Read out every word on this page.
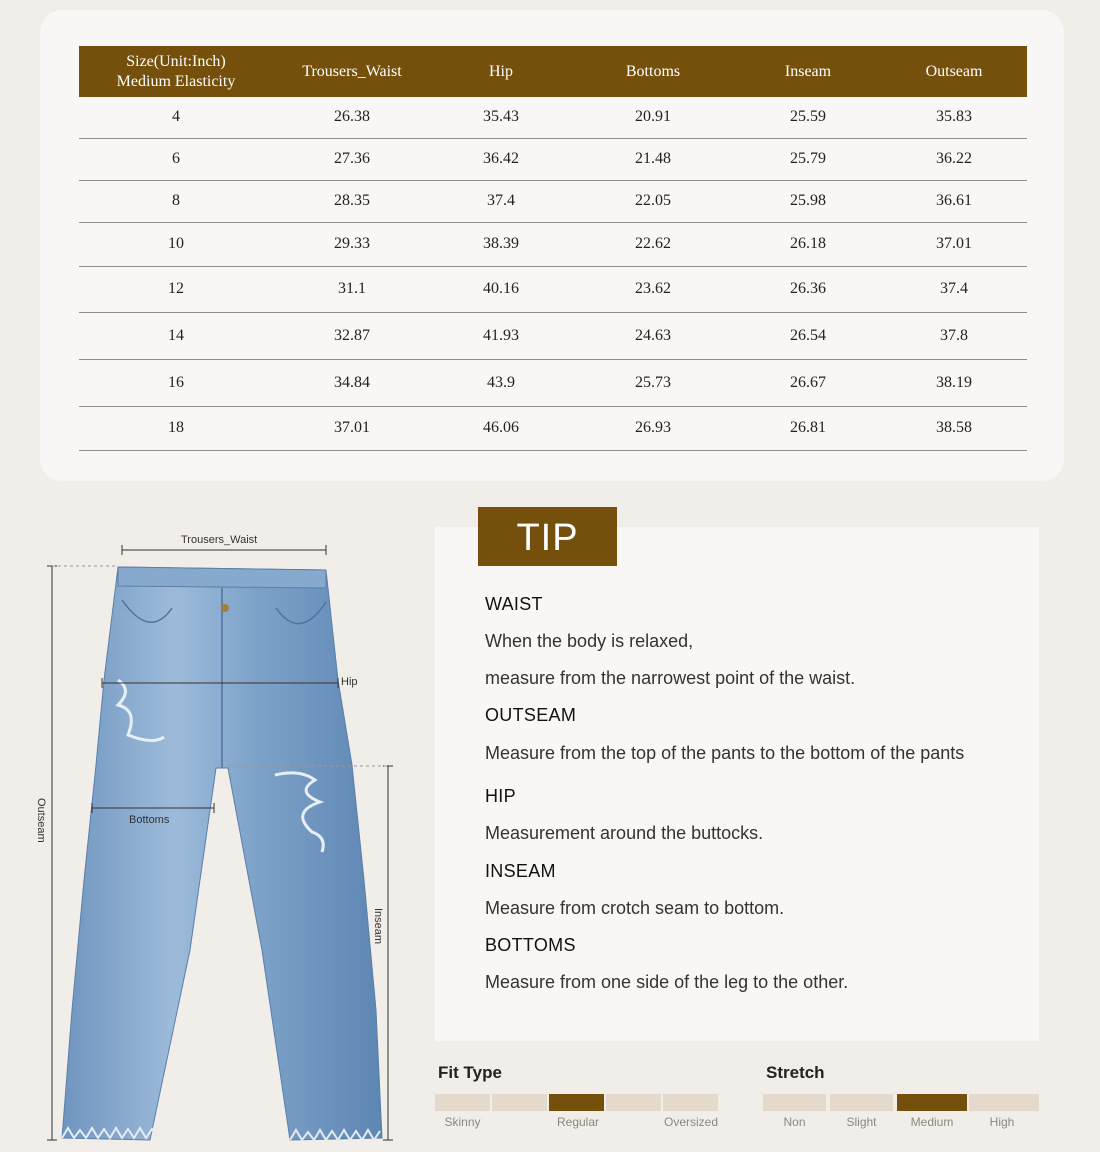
Size(Unit:Inch)
Medium Elasticity	Trousers_Waist	Hip	Bottoms	Inseam	Outseam
4	26.38	35.43	20.91	25.59	35.83
6	27.36	36.42	21.48	25.79	36.22
8	28.35	37.4	22.05	25.98	36.61
10	29.33	38.39	22.62	26.18	37.01
12	31.1	40.16	23.62	26.36	37.4
14	32.87	41.93	24.63	26.54	37.8
16	34.84	43.9	25.73	26.67	38.19
18	37.01	46.06	26.93	26.81	38.58
Trousers_Waist
Hip
Bottoms
Outseam
Inseam
TIP
WAIST
When the body is relaxed,
measure from the narrowest point of the waist.
OUTSEAM
Measure from the top of the pants to the bottom of the pants
HIP
Measurement around the buttocks.
INSEAM
Measure from crotch seam to bottom.
BOTTOMS
Measure from one side of the leg to the other.
Fit Type
Skinny	Regular	Oversized
Stretch
Non	Slight	Medium	High
